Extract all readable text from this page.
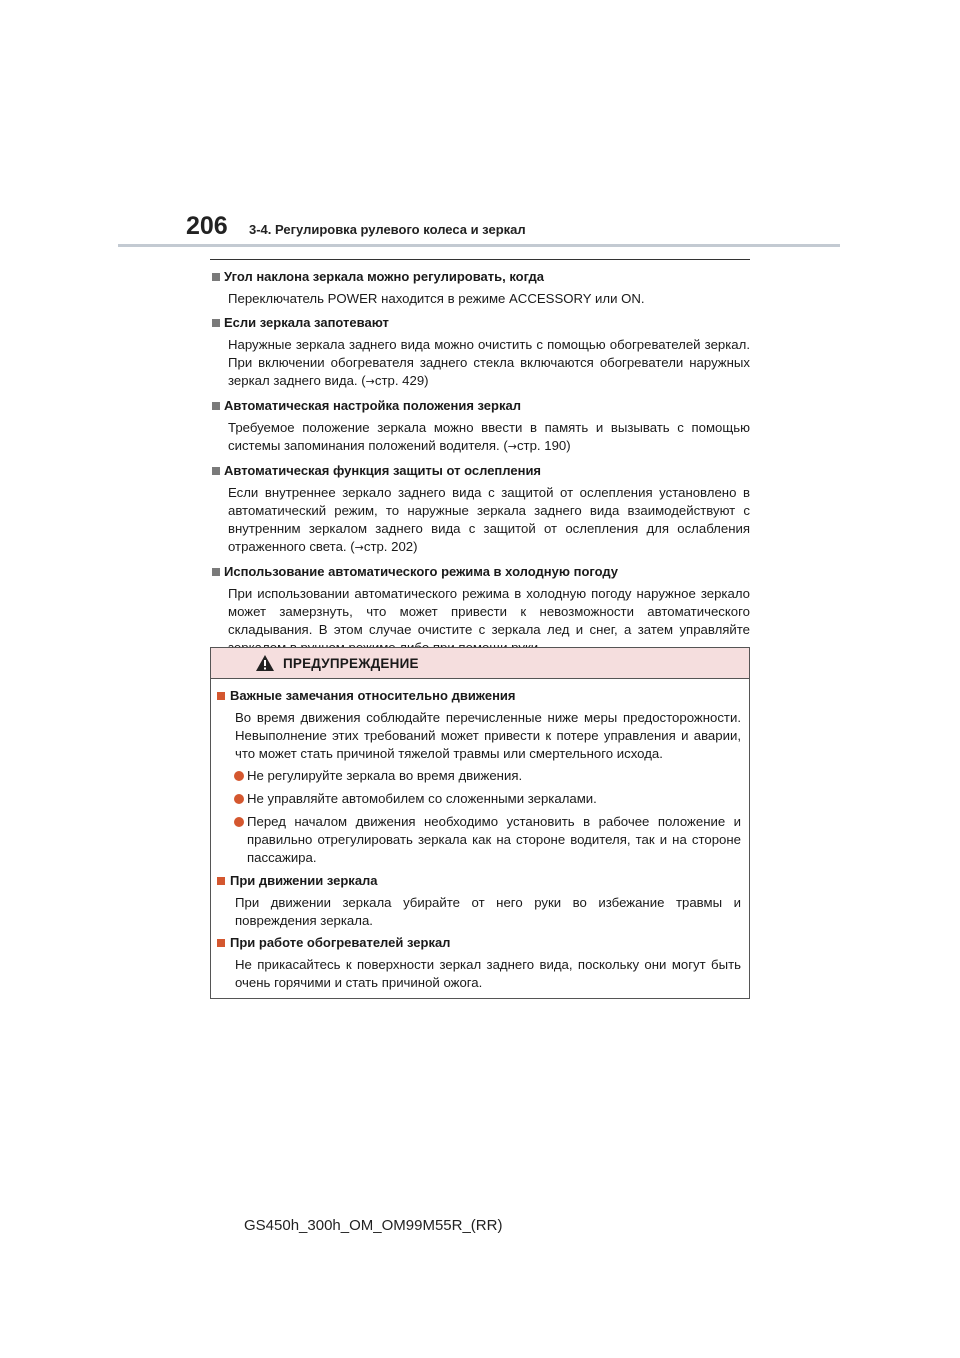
206 3-4. Регулировка рулевого колеса и зеркал
Угол наклона зеркала можно регулировать, когда
Переключатель POWER находится в режиме ACCESSORY или ON.
Если зеркала запотевают
Наружные зеркала заднего вида можно очистить с помощью обогревателей зеркал. При включении обогревателя заднего стекла включаются обогреватели наружных зеркал заднего вида. (→стр. 429)
Автоматическая настройка положения зеркал
Требуемое положение зеркала можно ввести в память и вызывать с помощью системы запоминания положений водителя. (→стр. 190)
Автоматическая функция защиты от ослепления
Если внутреннее зеркало заднего вида с защитой от ослепления установлено в автоматический режим, то наружные зеркала заднего вида взаимодействуют с внутренним зеркалом заднего вида с защитой от ослепления для ослабления отраженного света. (→стр. 202)
Использование автоматического режима в холодную погоду
При использовании автоматического режима в холодную погоду наружное зеркало может замерзнуть, что может привести к невозможности автоматического складывания. В этом случае очистите с зеркала лед и снег, а затем управляйте
ПРЕДУПРЕЖДЕНИЕ
Важные замечания относительно движения
Во время движения соблюдайте перечисленные ниже меры предосторожности. Невыполнение этих требований может привести к потере управления и аварии, что может стать причиной тяжелой травмы или смертельного исхода.
Не регулируйте зеркала во время движения.
Не управляйте автомобилем со сложенными зеркалами.
Перед началом движения необходимо установить в рабочее положение и правильно отрегулировать зеркала как на стороне водителя, так и на стороне пассажира.
При движении зеркала
При движении зеркала убирайте от него руки во избежание травмы и повреждения зеркала.
При работе обогревателей зеркал
Не прикасайтесь к поверхности зеркал заднего вида, поскольку они могут быть очень горячими и стать причиной ожога.
GS450h_300h_OM_OM99M55R_(RR)
